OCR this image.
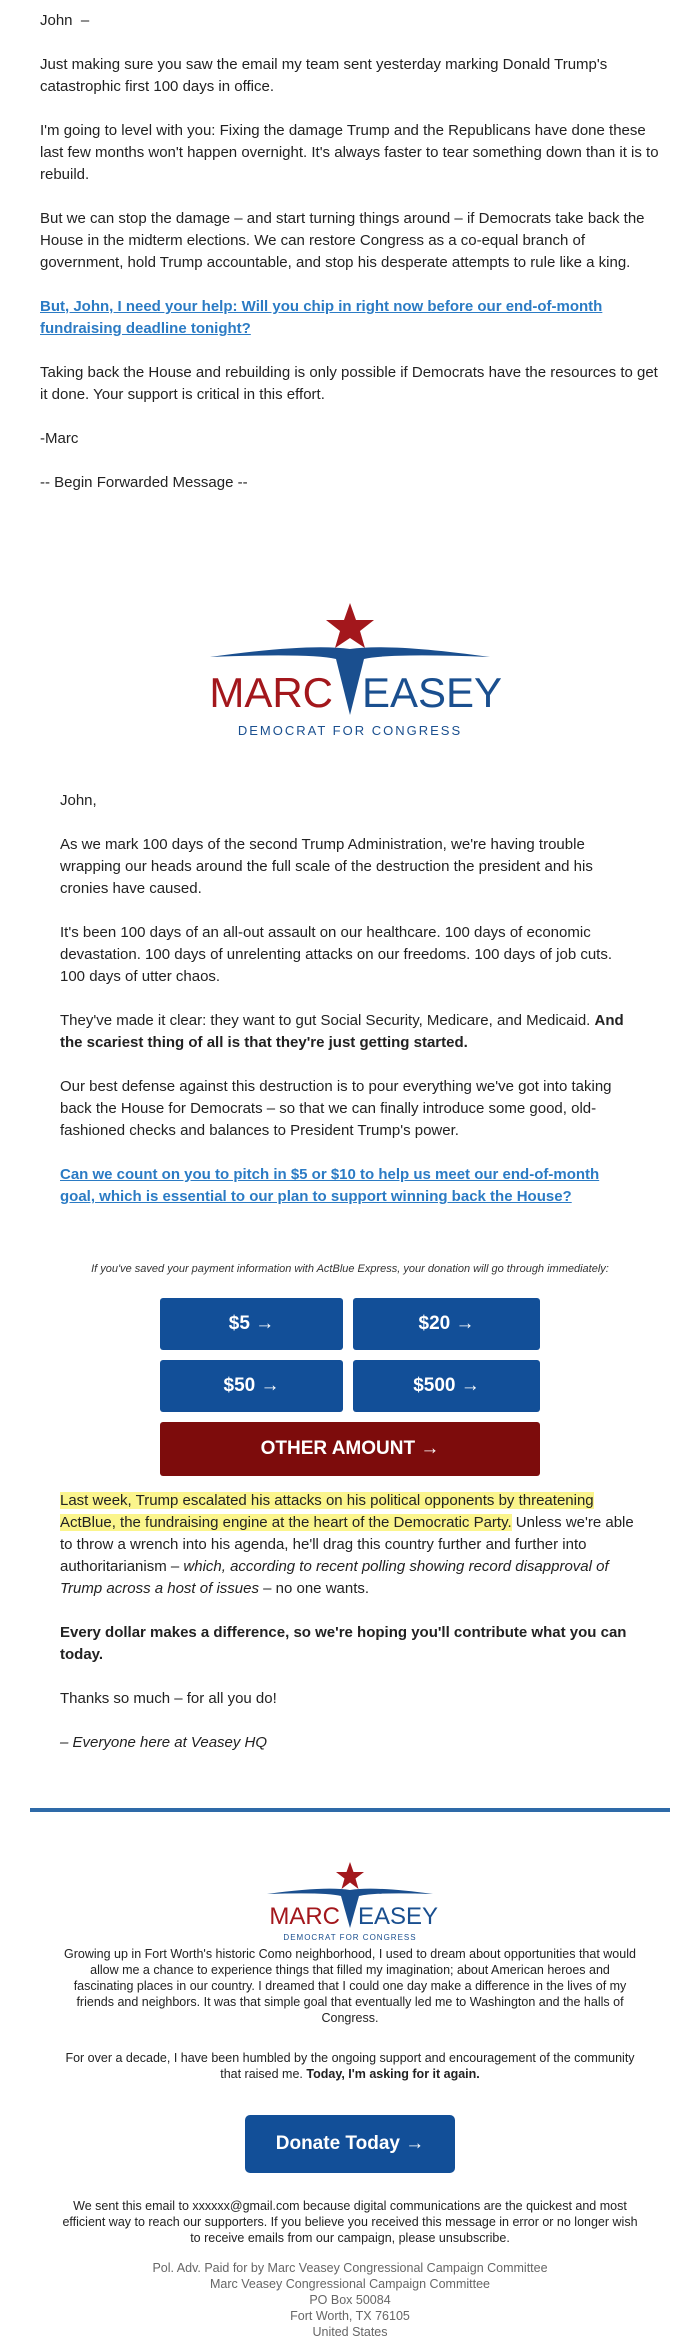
John  –

Just making sure you saw the email my team sent yesterday marking Donald Trump's catastrophic first 100 days in office.

I'm going to level with you: Fixing the damage Trump and the Republicans have done these last few months won't happen overnight. It's always faster to tear something down than it is to rebuild.

But we can stop the damage – and start turning things around – if Democrats take back the House in the midterm elections. We can restore Congress as a co-equal branch of government, hold Trump accountable, and stop his desperate attempts to rule like a king.

But, John, I need your help: Will you chip in right now before our end-of-month fundraising deadline tonight?

Taking back the House and rebuilding is only possible if Democrats have the resources to get it done. Your support is critical in this effort.

-Marc

-- Begin Forwarded Message --

MARC EASEY
DEMOCRAT FOR CONGRESS

John,

As we mark 100 days of the second Trump Administration, we're having trouble wrapping our heads around the full scale of the destruction the president and his cronies have caused.

It's been 100 days of an all-out assault on our healthcare. 100 days of economic devastation. 100 days of unrelenting attacks on our freedoms. 100 days of job cuts. 100 days of utter chaos.

They've made it clear: they want to gut Social Security, Medicare, and Medicaid. And the scariest thing of all is that they're just getting started.

Our best defense against this destruction is to pour everything we've got into taking back the House for Democrats – so that we can finally introduce some good, old-fashioned checks and balances to President Trump's power.

Can we count on you to pitch in $5 or $10 to help us meet our end-of-month goal, which is essential to our plan to support winning back the House?

If you've saved your payment information with ActBlue Express, your donation will go through immediately:
$5 →	$20 →
$50 →	$500 →
OTHER AMOUNT →

Last week, Trump escalated his attacks on his political opponents by threatening ActBlue, the fundraising engine at the heart of the Democratic Party. Unless we're able to throw a wrench into his agenda, he'll drag this country further and further into authoritarianism – which, according to recent polling showing record disapproval of Trump across a host of issues – no one wants.

Every dollar makes a difference, so we're hoping you'll contribute what you can today.

Thanks so much – for all you do!

– Everyone here at Veasey HQ

MARC EASEY
DEMOCRAT FOR CONGRESS
Growing up in Fort Worth's historic Como neighborhood, I used to dream about opportunities that would allow me a chance to experience things that filled my imagination; about American heroes and fascinating places in our country. I dreamed that I could one day make a difference in the lives of my friends and neighbors. It was that simple goal that eventually led me to Washington and the halls of Congress.
For over a decade, I have been humbled by the ongoing support and encouragement of the community that raised me. Today, I'm asking for it again.
Donate Today →
We sent this email to xxxxxx@gmail.com because digital communications are the quickest and most efficient way to reach our supporters. If you believe you received this message in error or no longer wish to receive emails from our campaign, please unsubscribe.
Pol. Adv. Paid for by Marc Veasey Congressional Campaign Committee
Marc Veasey Congressional Campaign Committee
PO Box 50084
Fort Worth, TX 76105
United States
